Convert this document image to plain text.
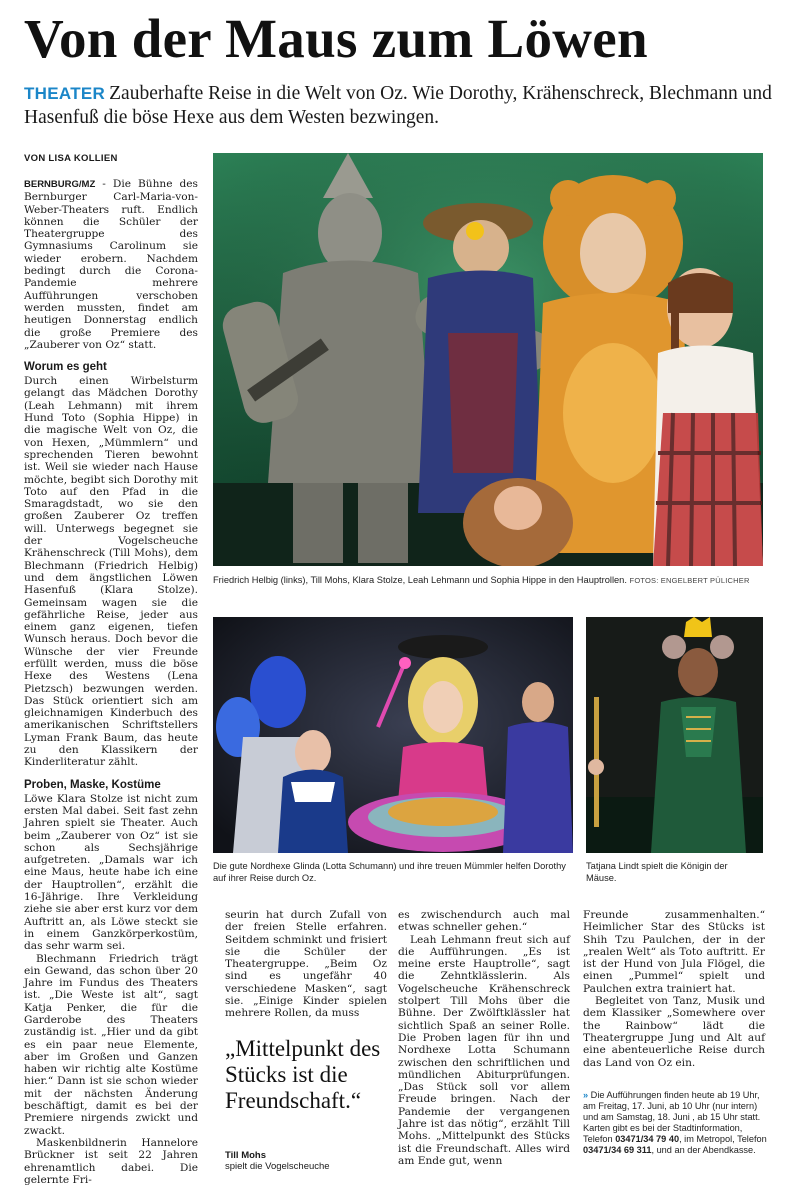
Von der Maus zum Löwen
THEATER Zauberhafte Reise in die Welt von Oz. Wie Dorothy, Krähenschreck, Blechmann und Hasenfuß die böse Hexe aus dem Westen bezwingen.
VON LISA KOLLIEN

BERNBURG/MZ - Die Bühne des Bernburger Carl-Maria-von-Weber-Theaters ruft. Endlich können die Schüler der Theatergruppe des Gymnasiums Carolinum sie wieder erobern. Nachdem bedingt durch die Corona-Pandemie mehrere Aufführungen verschoben werden mussten, findet am heutigen Donnerstag endlich die große Premiere des „Zauberer von Oz“ statt.

Worum es geht

Durch einen Wirbelsturm gelangt das Mädchen Dorothy (Leah Lehmann) mit ihrem Hund Toto (Sophia Hippe) in die magische Welt von Oz, die von Hexen, „Mümmlern“ und sprechenden Tieren bewohnt ist. Weil sie wieder nach Hause möchte, begibt sich Dorothy mit Toto auf den Pfad in die Smaragdstadt, wo sie den großen Zauberer Oz treffen will. Unterwegs begegnet sie der Vogelscheuche Krähenschreck (Till Mohs), dem Blechmann (Friedrich Helbig) und dem ängstlichen Löwen Hasenfuß (Klara Stolze). Gemeinsam wagen sie die gefährliche Reise, jeder aus einem ganz eigenen, tiefen Wunsch heraus. Doch bevor die Wünsche der vier Freunde erfüllt werden, muss die böse Hexe des Westens (Lena Pietzsch) bezwungen werden. Das Stück orientiert sich am gleichnamigen Kinderbuch des amerikanischen Schriftstellers Lyman Frank Baum, das heute zu den Klassikern der Kinderliteratur zählt.

Proben, Maske, Kostüme

Löwe Klara Stolze ist nicht zum ersten Mal dabei. Seit fast zehn Jahren spielt sie Theater. Auch beim „Zauberer von Oz“ ist sie schon als Sechsjährige aufgetreten. „Damals war ich eine Maus, heute habe ich eine der Hauptrollen“, erzählt die 16-Jährige. Ihre Verkleidung ziehe sie aber erst kurz vor dem Auftritt an, als Löwe steckt sie in einem Ganzkörperkostüm, das sehr warm sei.

Blechmann Friedrich trägt ein Gewand, das schon über 20 Jahre im Fundus des Theaters ist. „Die Weste ist alt“, sagt Katja Penker, die für die Garderobe des Theaters zuständig ist. „Hier und da gibt es ein paar neue Elemente, aber im Großen und Ganzen haben wir richtig alte Kostüme hier.“ Dann ist sie schon wieder mit der nächsten Änderung beschäftigt, damit es bei der Premiere nirgends zwickt und zwackt.

Maskenbildnerin Hannelore Brückner ist seit 22 Jahren ehrenamtlich dabei. Die gelernte Fri-

Friedrich Helbig (links), Till Mohs, Klara Stolze, Leah Lehmann und Sophia Hippe in den Hauptrollen. FOTOS: ENGELBERT PÜLICHER
Die gute Nordhexe Glinda (Lotta Schumann) und ihre treuen Mümmler helfen Dorothy auf ihrer Reise durch Oz.
Tatjana Lindt spielt die Königin der Mäuse.

seurin hat durch Zufall von der freien Stelle erfahren. Seitdem schminkt und frisiert sie die Schüler der Theatergruppe. „Beim Oz sind es ungefähr 40 verschiedene Masken“, sagt sie. „Einige Kinder spielen mehrere Rollen, da muss

„Mittelpunkt des Stücks ist die Freundschaft.“
Till Mohs
spielt die Vogelscheuche

es zwischendurch auch mal etwas schneller gehen.“

Leah Lehmann freut sich auf die Aufführungen. „Es ist meine erste Hauptrolle“, sagt die Zehntklässlerin. Als Vogelscheuche Krähenschreck stolpert Till Mohs über die Bühne. Der Zwölftklässler hat sichtlich Spaß an seiner Rolle. Die Proben lagen für ihn und Nordhexe Lotta Schumann zwischen den schriftlichen und mündlichen Abiturprüfungen. „Das Stück soll vor allem Freude bringen. Nach der Pandemie der vergangenen Jahre ist das nötig“, erzählt Till Mohs. „Mittelpunkt des Stücks ist die Freundschaft. Alles wird am Ende gut, wenn

Freunde zusammenhalten.“ Heimlicher Star des Stücks ist Shih Tzu Paulchen, der in der „realen Welt“ als Toto auftritt. Er ist der Hund von Jula Flögel, die einen „Pummel“ spielt und Paulchen extra trainiert hat.

Begleitet von Tanz, Musik und dem Klassiker „Somewhere over the Rainbow“ lädt die Theatergruppe Jung und Alt auf eine abenteuerliche Reise durch das Land von Oz ein.

» Die Aufführungen finden heute ab 19 Uhr, am Freitag, 17. Juni, ab 10 Uhr (nur intern) und am Samstag, 18. Juni , ab 15 Uhr statt. Karten gibt es bei der Stadtinformation, Telefon 03471/34 79 40, im Metropol, Telefon 03471/34 69 311, und an der Abendkasse.
